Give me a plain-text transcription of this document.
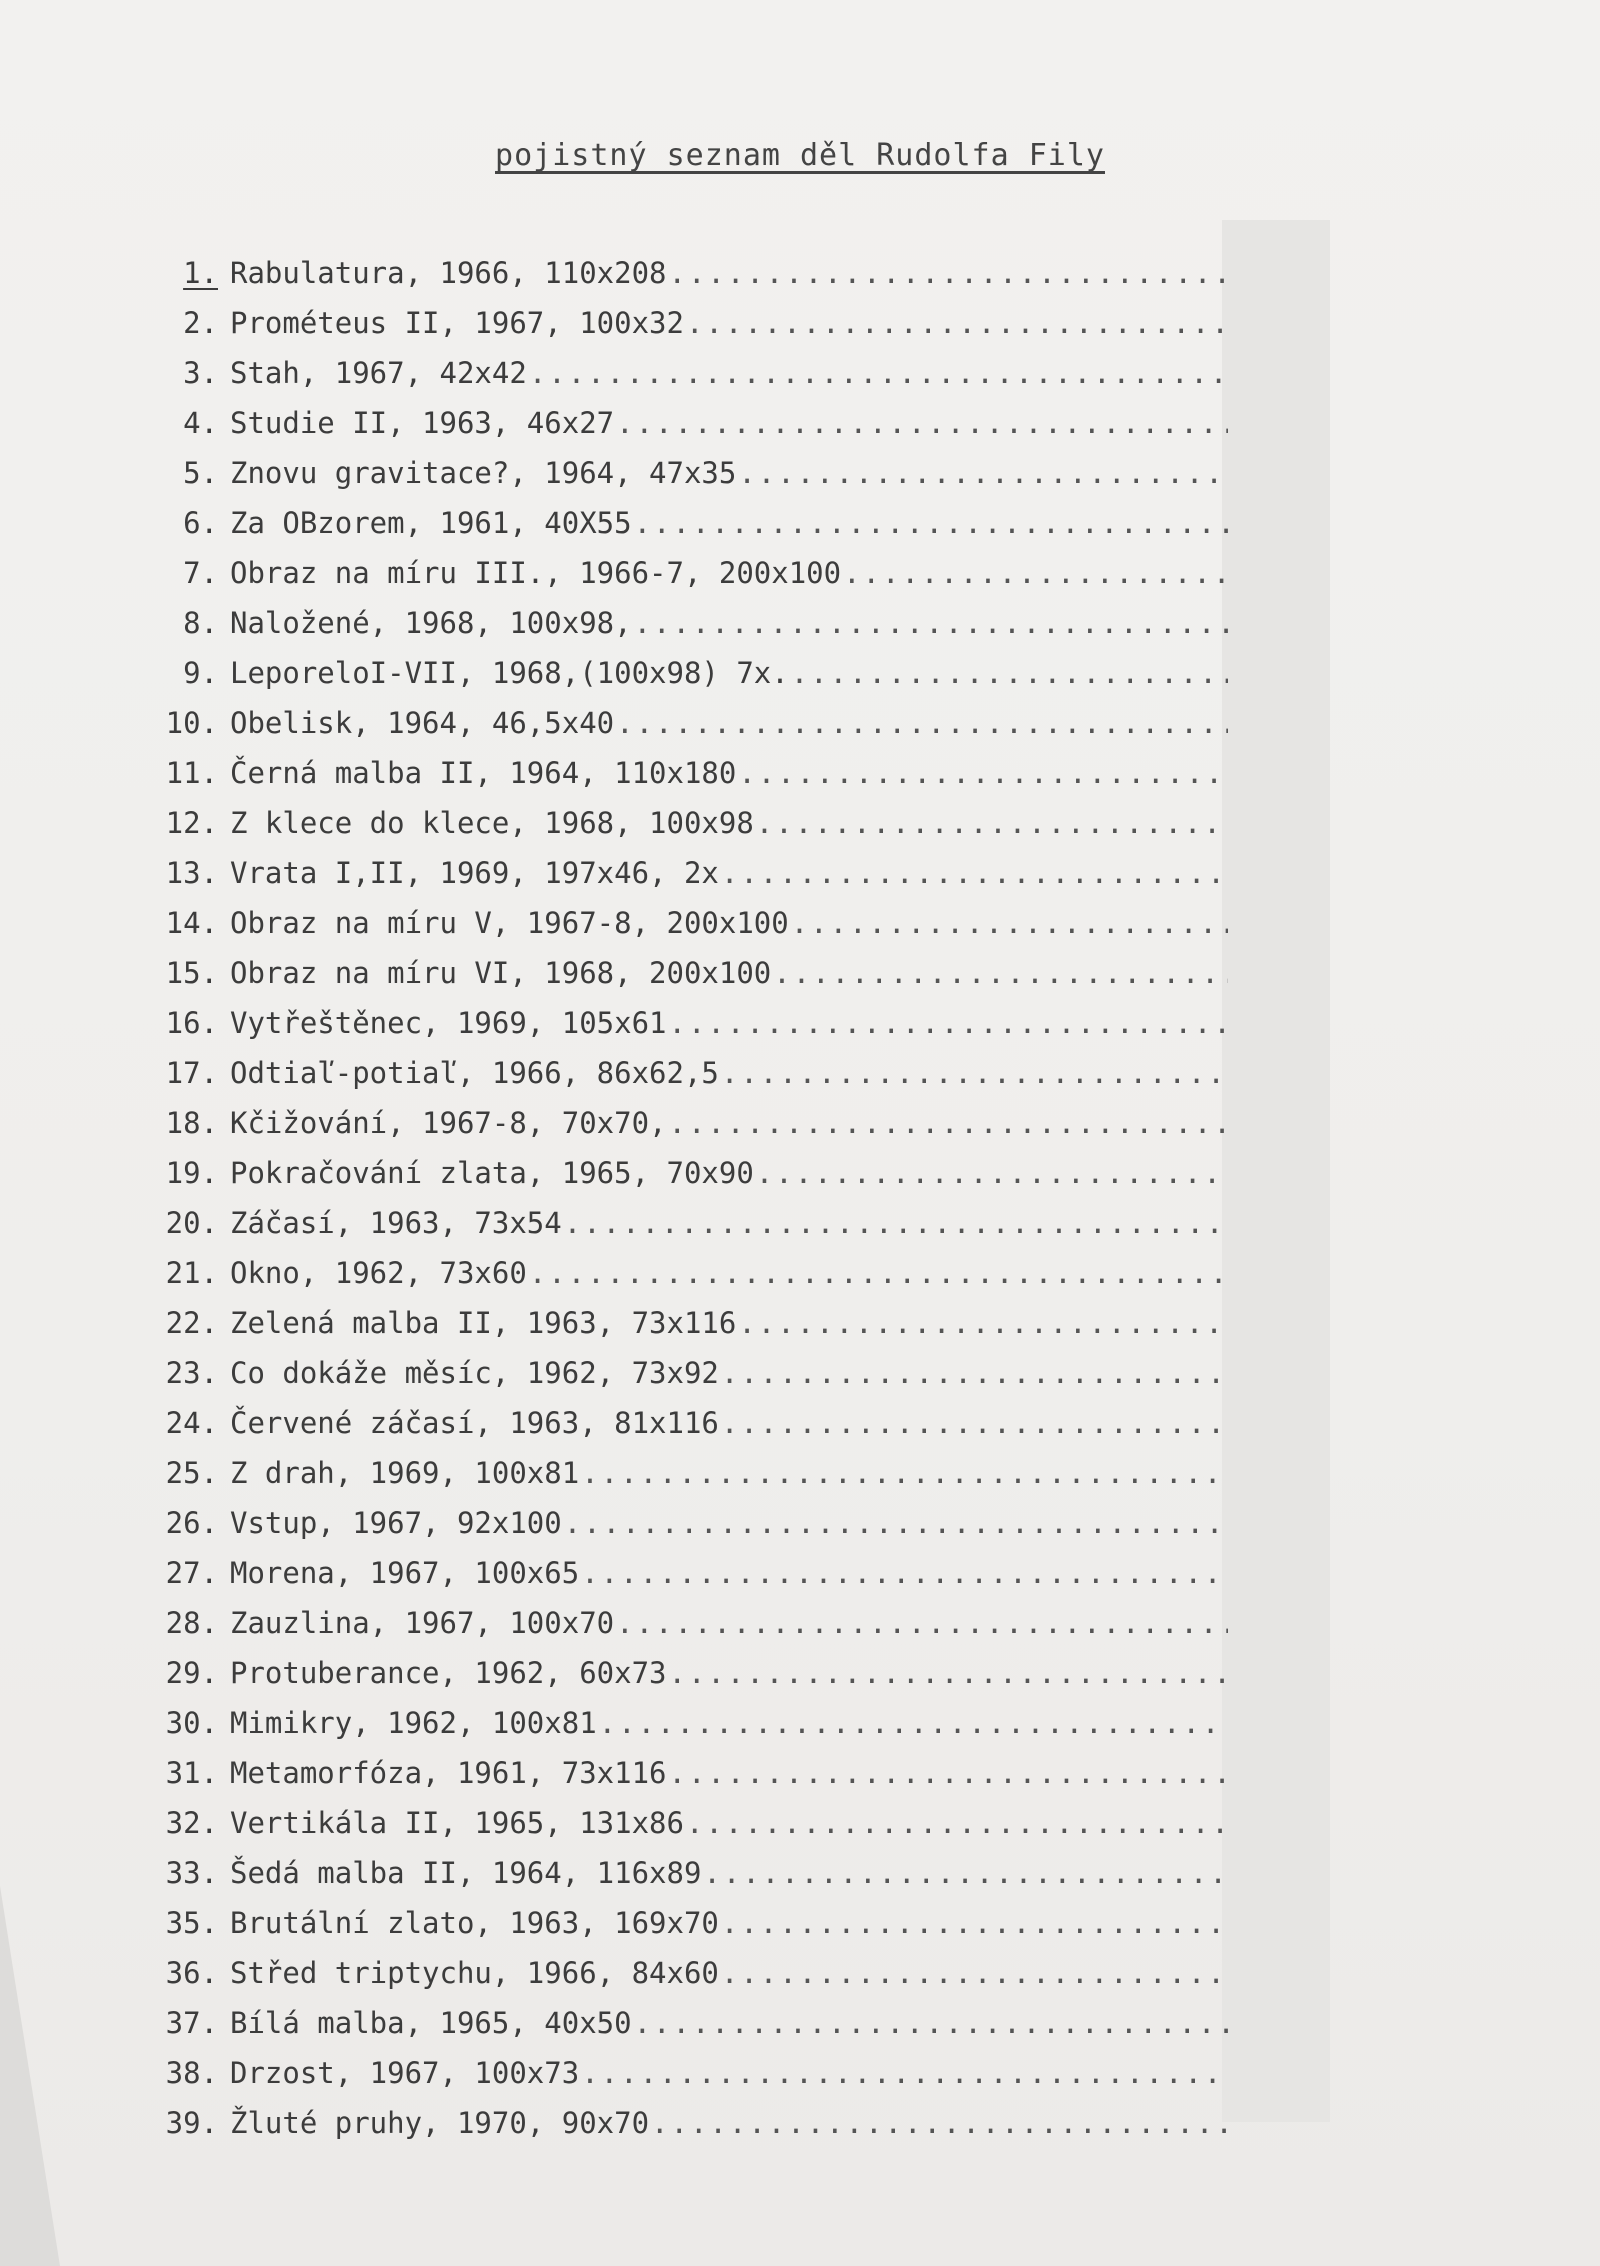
pojistný seznam děl Rudolfa Fily
1. Rabulatura, 1966, 110x208
.....
2. Prométeus II, 1967, 100x32
.....
3. Stah, 1967, 42x42
.....
4. Studie II, 1963, 46x27
.....
5. Znovu gravitace?, 1964, 47x35
.....
6. Za OBzorem, 1961, 40X55
.....
7. Obraz na míru III., 1966-7, 200x100
.....
8. Naložené, 1968, 100x98,
.....
9. LeporeloI-VII, 1968,(100x98) 7x.
.....
10. Obelisk, 1964, 46,5x40
.....
11. Černá malba II, 1964, 110x180
.....
12. Z klece do klece, 1968, 100x98
.....
13. Vrata I,II, 1969, 197x46, 2x
.....
14. Obraz na míru V, 1967-8, 200x100
.....
15. Obraz na míru VI, 1968, 200x100
.....
16. Vytřeštěnec, 1969, 105x61
.....
17. Odtiaľ-potiaľ, 1966, 86x62,5
.....
18. Kčižování, 1967-8, 70x70,
.....
19. Pokračování zlata, 1965, 70x90
.....
20. Záčasí, 1963, 73x54
.....
21. Okno, 1962, 73x60
.....
22. Zelená malba II, 1963, 73x116
.....
23. Co dokáže měsíc, 1962, 73x92
.....
24. Červené záčasí, 1963, 81x116
.....
25. Z drah, 1969, 100x81
.....
26. Vstup, 1967, 92x100
.....
27. Morena, 1967, 100x65
.....
28. Zauzlina, 1967, 100x70
.....
29. Protuberance, 1962, 60x73
.....
30. Mimikry, 1962, 100x81
.....
31. Metamorfóza, 1961, 73x116
.....
32. Vertikála II, 1965, 131x86
.....
33. Šedá malba II, 1964, 116x89
.....
35. Brutální zlato, 1963, 169x70
.....
36. Střed triptychu, 1966, 84x60
.....
37. Bílá malba, 1965, 40x50
.....
38. Drzost, 1967, 100x73
.....
39. Žluté pruhy, 1970, 90x70
.....
